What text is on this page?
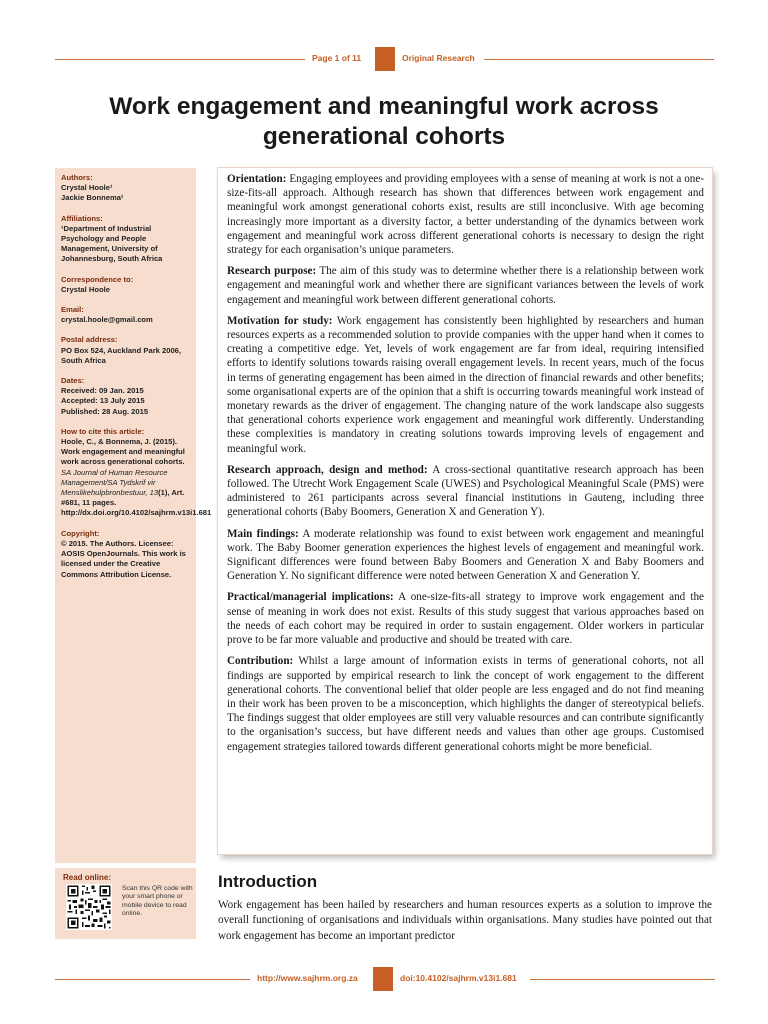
Page 1 of 11	Original Research
Work engagement and meaningful work across generational cohorts
Authors:
Crystal Hoole¹
Jackie Bonnema¹
Affiliations:
¹Department of Industrial Psychology and People Management, University of Johannesburg, South Africa
Correspondence to:
Crystal Hoole
Email:
crystal.hoole@gmail.com
Postal address:
PO Box 524, Auckland Park 2006, South Africa
Dates:
Received: 09 Jan. 2015
Accepted: 13 July 2015
Published: 28 Aug. 2015
How to cite this article:
Hoole, C., & Bonnema, J. (2015). Work engagement and meaningful work across generational cohorts. SA Journal of Human Resource Management/SA Tydskrif vir Menslikehulpbronbestuur, 13(1), Art. #681, 11 pages. http://dx.doi.org/10.4102/sajhrm.v13i1.681
Copyright:
© 2015. The Authors. Licensee: AOSIS OpenJournals. This work is licensed under the Creative Commons Attribution License.
Read online:
Scan this QR code with your smart phone or mobile device to read online.

Orientation: Engaging employees and providing employees with a sense of meaning at work is not a one-size-fits-all approach. Although research has shown that differences between work engagement and meaningful work amongst generational cohorts exist, results are still inconclusive. With age becoming increasingly more important as a diversity factor, a better understanding of the dynamics between work engagement and meaningful work across different generational cohorts is necessary to design the right strategy for each organisation’s unique parameters.

Research purpose: The aim of this study was to determine whether there is a relationship between work engagement and meaningful work and whether there are significant variances between the levels of work engagement and meaningful work between different generational cohorts.

Motivation for study: Work engagement has consistently been highlighted by researchers and human resources experts as a recommended solution to provide companies with the upper hand when it comes to creating a competitive edge. Yet, levels of work engagement are far from ideal, requiring intensified efforts to identify solutions towards raising overall engagement levels. In recent years, much of the focus in terms of generating engagement has been aimed in the direction of financial rewards and other benefits; some organisational experts are of the opinion that a shift is occurring towards meaningful work instead of monetary rewards as the driver of engagement. The changing nature of the work landscape also suggests that generational cohorts experience work engagement and meaningful work differently. Understanding these complexities is mandatory in creating solutions towards improving levels of engagement and meaningful work.

Research approach, design and method: A cross-sectional quantitative research approach has been followed. The Utrecht Work Engagement Scale (UWES) and Psychological Meaningful Scale (PMS) were administered to 261 participants across several financial institutions in Gauteng, including three generational cohorts (Baby Boomers, Generation X and Generation Y).

Main findings: A moderate relationship was found to exist between work engagement and meaningful work. The Baby Boomer generation experiences the highest levels of engagement and meaningful work. Significant differences were found between Baby Boomers and Generation X and Baby Boomers and Generation Y. No significant difference were noted between Generation X and Generation Y.

Practical/managerial implications: A one-size-fits-all strategy to improve work engagement and the sense of meaning in work does not exist. Results of this study suggest that various approaches based on the needs of each cohort may be required in order to sustain engagement. Older workers in particular prove to be far more valuable and productive and should be treated with care.

Contribution: Whilst a large amount of information exists in terms of generational cohorts, not all findings are supported by empirical research to link the concept of work engagement to the different generational cohorts. The conventional belief that older people are less engaged and do not find meaning in their work has been proven to be a misconception, which highlights the danger of stereotypical beliefs. The findings suggest that older employees are still very valuable resources and can contribute significantly to the organisation’s success, but have different needs and values than other age groups. Customised engagement strategies tailored towards different generational cohorts might be more beneficial.

Introduction
Work engagement has been hailed by researchers and human resources experts as a solution to improve the overall functioning of organisations and individuals within organisations. Many studies have pointed out that work engagement has become an important predictor
http://www.sajhrm.org.za	doi:10.4102/sajhrm.v13i1.681
